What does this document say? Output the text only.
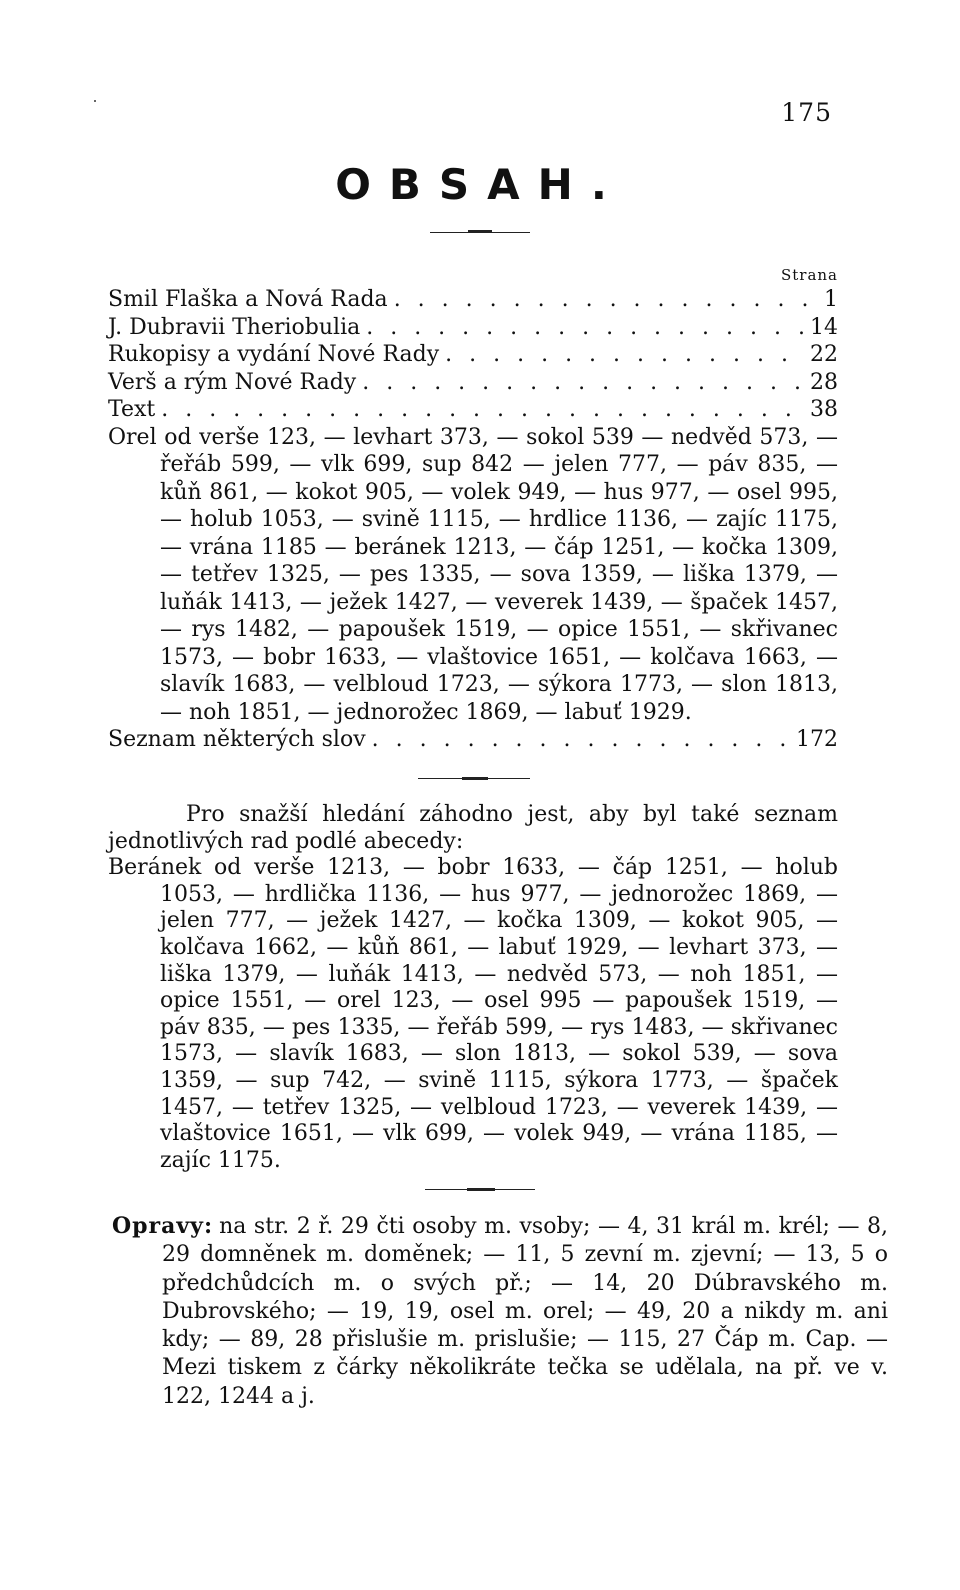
175
OBSAH.
Strana
Smil Flaška a Nová Rada . . .	1
J. Dubravii Theriobulia . . .	14
Rukopisy a vydání Nové Rady . . .	22
Verš a rým Nové Rady . . .	28
Text . . .	38
Orel od verše 123, — levhart 373, — sokol 539 — nedvěd 573, — řeřáb 599, — vlk 699, sup 842 — jelen 777, — páv 835, — kůň 861, — kokot 905, — volek 949, — hus 977, — osel 995, — holub 1053, — svině 1115, — hrdlice 1136, — zajíc 1175, — vrána 1185 — beránek 1213, — čáp 1251, — kočka 1309, — tetřev 1325, — pes 1335, — sova 1359, — liška 1379, — luňák 1413, — ježek 1427, — veverek 1439, — špaček 1457, — rys 1482, — papoušek 1519, — opice 1551, — skřivanec 1573, — bobr 1633, — vlaštovice 1651, — kolčava 1663, — slavík 1683, — velbloud 1723, — sýkora 1773, — slon 1813, — noh 1851, — jednorožec 1869, — labuť 1929.
Seznam některých slov . . .	172
Pro snažší hledání záhodno jest, aby byl také seznam jednotlivých rad podlé abecedy:
Beránek od verše 1213, — bobr 1633, — čáp 1251, — holub 1053, — hrdlička 1136, — hus 977, — jednorožec 1869, — jelen 777, — ježek 1427, — kočka 1309, — kokot 905, — kolčava 1662, — kůň 861, — labuť 1929, — levhart 373, — liška 1379, — luňák 1413, — nedvěd 573, — noh 1851, — opice 1551, — orel 123, — osel 995 — papoušek 1519, — páv 835, — pes 1335, — řeřáb 599, — rys 1483, — skřivanec 1573, — slavík 1683, — slon 1813, — sokol 539, — sova 1359, — sup 742, — svině 1115, sýkora 1773, — špaček 1457, — tetřev 1325, — velbloud 1723, — veverek 1439, — vlaštovice 1651, — vlk 699, — volek 949, — vrána 1185, — zajíc 1175.
Opravy: na str. 2 ř. 29 čti osoby m. vsoby; — 4, 31 král m. krél; — 8, 29 domněnek m. doměnek; — 11, 5 zevní m. zjevní; — 13, 5 o předchůdcích m. o svých př.; — 14, 20 Dúbravského m. Dubrovského; — 19, 19, osel m. orel; — 49, 20 a nikdy m. ani kdy; — 89, 28 přislušie m. prislušie; — 115, 27 Čáp m. Cap. — Mezi tiskem z čárky několikráte tečka se udělala, na př. ve v. 122, 1244 a j.
